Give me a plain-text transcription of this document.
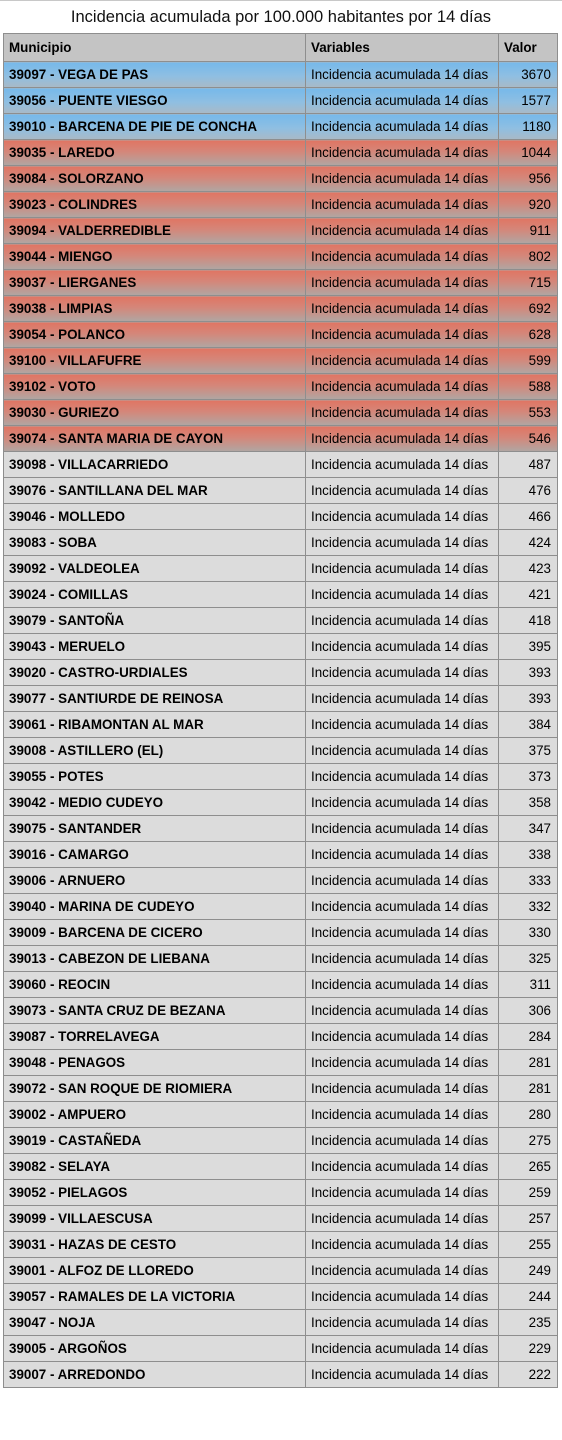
Incidencia acumulada por 100.000 habitantes por 14 días
Municipio	Variables	Valor
39097 - VEGA DE PAS	Incidencia acumulada 14 días	3670
39056 - PUENTE VIESGO	Incidencia acumulada 14 días	1577
39010 - BARCENA DE PIE DE CONCHA	Incidencia acumulada 14 días	1180
39035 - LAREDO	Incidencia acumulada 14 días	1044
39084 - SOLORZANO	Incidencia acumulada 14 días	956
39023 - COLINDRES	Incidencia acumulada 14 días	920
39094 - VALDERREDIBLE	Incidencia acumulada 14 días	911
39044 - MIENGO	Incidencia acumulada 14 días	802
39037 - LIERGANES	Incidencia acumulada 14 días	715
39038 - LIMPIAS	Incidencia acumulada 14 días	692
39054 - POLANCO	Incidencia acumulada 14 días	628
39100 - VILLAFUFRE	Incidencia acumulada 14 días	599
39102 - VOTO	Incidencia acumulada 14 días	588
39030 - GURIEZO	Incidencia acumulada 14 días	553
39074 - SANTA MARIA DE CAYON	Incidencia acumulada 14 días	546
39098 - VILLACARRIEDO	Incidencia acumulada 14 días	487
39076 - SANTILLANA DEL MAR	Incidencia acumulada 14 días	476
39046 - MOLLEDO	Incidencia acumulada 14 días	466
39083 - SOBA	Incidencia acumulada 14 días	424
39092 - VALDEOLEA	Incidencia acumulada 14 días	423
39024 - COMILLAS	Incidencia acumulada 14 días	421
39079 - SANTOÑA	Incidencia acumulada 14 días	418
39043 - MERUELO	Incidencia acumulada 14 días	395
39020 - CASTRO-URDIALES	Incidencia acumulada 14 días	393
39077 - SANTIURDE DE REINOSA	Incidencia acumulada 14 días	393
39061 - RIBAMONTAN AL MAR	Incidencia acumulada 14 días	384
39008 - ASTILLERO (EL)	Incidencia acumulada 14 días	375
39055 - POTES	Incidencia acumulada 14 días	373
39042 - MEDIO CUDEYO	Incidencia acumulada 14 días	358
39075 - SANTANDER	Incidencia acumulada 14 días	347
39016 - CAMARGO	Incidencia acumulada 14 días	338
39006 - ARNUERO	Incidencia acumulada 14 días	333
39040 - MARINA DE CUDEYO	Incidencia acumulada 14 días	332
39009 - BARCENA DE CICERO	Incidencia acumulada 14 días	330
39013 - CABEZON DE LIEBANA	Incidencia acumulada 14 días	325
39060 - REOCIN	Incidencia acumulada 14 días	311
39073 - SANTA CRUZ DE BEZANA	Incidencia acumulada 14 días	306
39087 - TORRELAVEGA	Incidencia acumulada 14 días	284
39048 - PENAGOS	Incidencia acumulada 14 días	281
39072 - SAN ROQUE DE RIOMIERA	Incidencia acumulada 14 días	281
39002 - AMPUERO	Incidencia acumulada 14 días	280
39019 - CASTAÑEDA	Incidencia acumulada 14 días	275
39082 - SELAYA	Incidencia acumulada 14 días	265
39052 - PIELAGOS	Incidencia acumulada 14 días	259
39099 - VILLAESCUSA	Incidencia acumulada 14 días	257
39031 - HAZAS DE CESTO	Incidencia acumulada 14 días	255
39001 - ALFOZ DE LLOREDO	Incidencia acumulada 14 días	249
39057 - RAMALES DE LA VICTORIA	Incidencia acumulada 14 días	244
39047 - NOJA	Incidencia acumulada 14 días	235
39005 - ARGOÑOS	Incidencia acumulada 14 días	229
39007 - ARREDONDO	Incidencia acumulada 14 días	222
